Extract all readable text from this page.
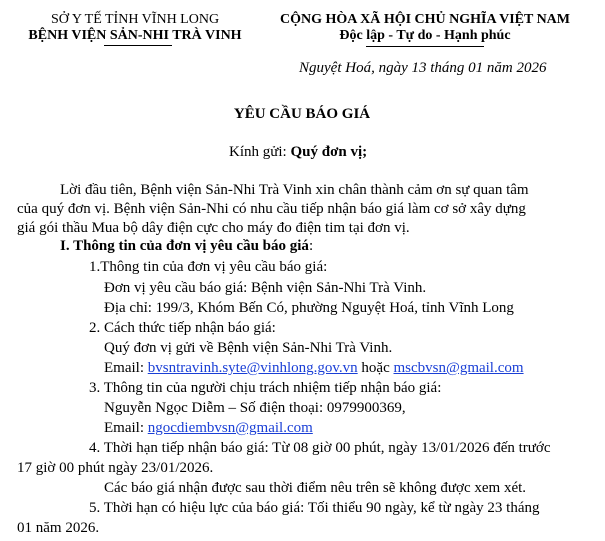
SỞ Y TẾ TỈNH VĨNH LONG
BỆNH VIỆN SẢN-NHI TRÀ VINH
CỘNG HÒA XÃ HỘI CHỦ NGHĨA VIỆT NAM
Độc lập - Tự do - Hạnh phúc
Nguyệt Hoá, ngày 13 tháng 01 năm 2026
YÊU CẦU BÁO GIÁ
Kính gửi: Quý đơn vị;
Lời đầu tiên, Bệnh viện Sản-Nhi Trà Vinh xin chân thành cảm ơn sự quan tâm
của quý đơn vị. Bệnh viện Sản-Nhi có nhu cầu tiếp nhận báo giá làm cơ sở xây dựng
giá gói thầu Mua bộ dây điện cực cho máy đo điện tim tại đơn vị.
I. Thông tin của đơn vị yêu cầu báo giá:
1.Thông tin của đơn vị yêu cầu báo giá:
Đơn vị yêu cầu báo giá: Bệnh viện Sản-Nhi Trà Vinh.
Địa chỉ: 199/3, Khóm Bến Có, phường Nguyệt Hoá, tỉnh Vĩnh Long
2. Cách thức tiếp nhận báo giá:
Quý đơn vị gửi về Bệnh viện Sản-Nhi Trà Vinh.
Email: bvsntravinh.syte@vinhlong.gov.vn hoặc mscbvsn@gmail.com
3. Thông tin của người chịu trách nhiệm tiếp nhận báo giá:
Nguyễn Ngọc Diễm – Số điện thoại: 0979900369,
Email: ngocdiembvsn@gmail.com
4. Thời hạn tiếp nhận báo giá: Từ 08 giờ 00 phút, ngày 13/01/2026 đến trước
17 giờ 00 phút ngày 23/01/2026.
Các báo giá nhận được sau thời điểm nêu trên sẽ không được xem xét.
5. Thời hạn có hiệu lực của báo giá: Tối thiểu 90 ngày, kể từ ngày 23 tháng
01 năm 2026.
